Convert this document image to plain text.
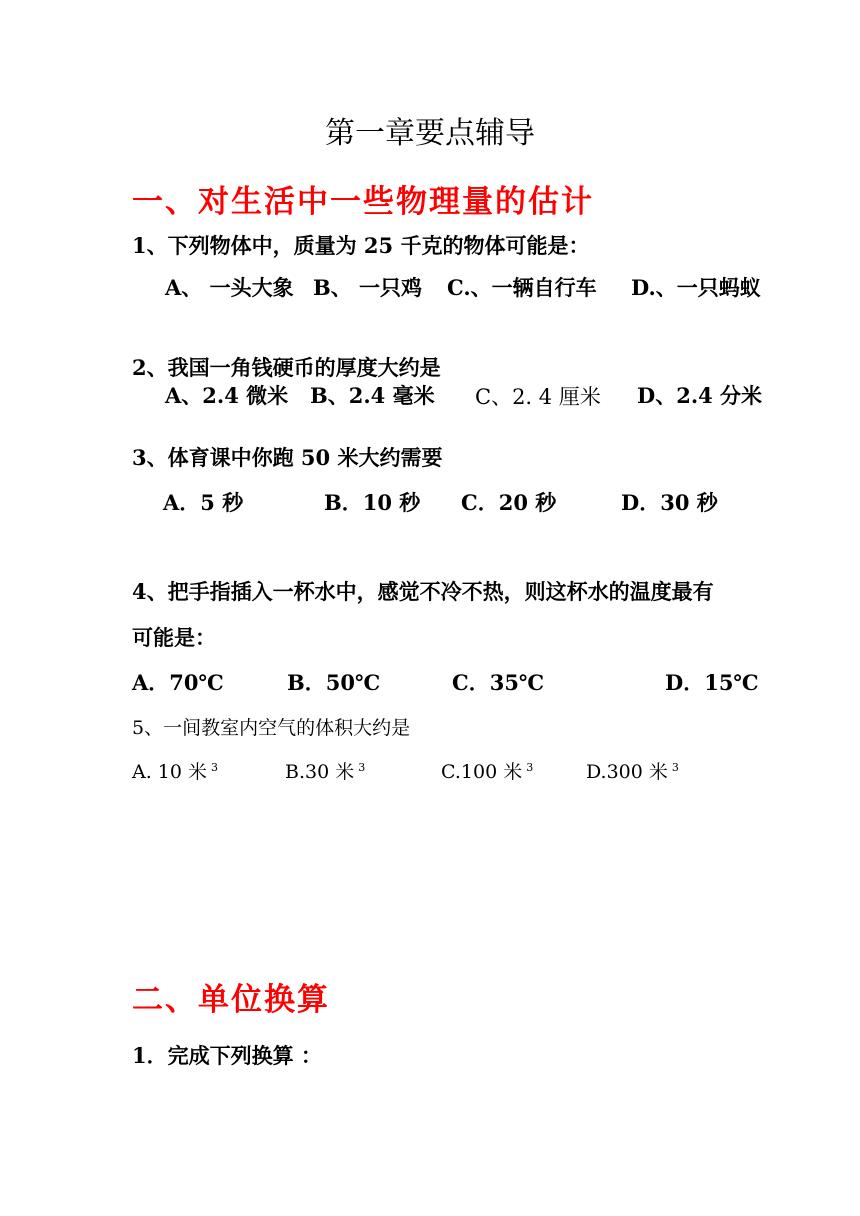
第一章要点辅导
一、对生活中一些物理量的估计
1、下列物体中，质量为 25 千克的物体可能是：
A、 一头大象 B、 一只鸡 C.、一辆自行车 D.、一只蚂蚁
2、我国一角钱硬币的厚度大约是
A、2.4 微米 B、2.4 毫米 C、2. 4 厘米 D、2.4 分米
3、体育课中你跑 50 米大约需要
A．5 秒	B．10 秒 C．20 秒	D．30 秒
4、把手指插入一杯水中，感觉不冷不热，则这杯水的温度最有
可能是：
A．70℃	B．50℃	C．35℃	D．15℃
5、一间教室内空气的体积大约是
A. 10 米 $^3$	B.30 米 $^3$	C.100 米 $^3$	D.300 米 $^3$
二、单位换算
1．完成下列换算 ：
